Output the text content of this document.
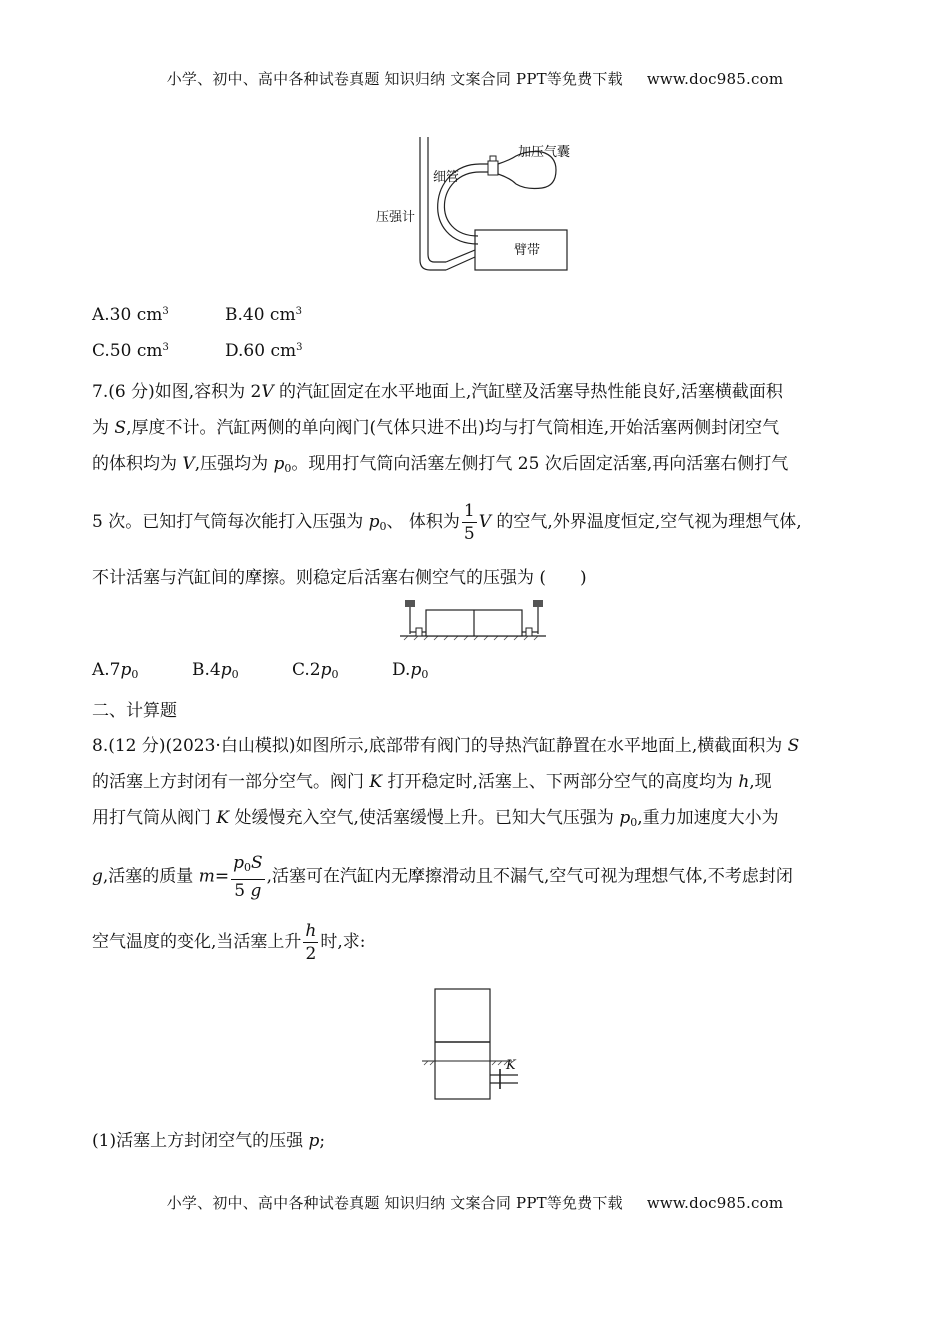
小学、初中、高中各种试卷真题 知识归纳 文案合同 PPT等免费下载 www.doc985.com
加压气囊
细管
压强计
臂带
A.30 $cm^3$	B.40 $cm^3$
C.50 $cm^3$	D.60 $cm^3$
7.(6 分)如图,容积为 2V 的汽缸固定在水平地面上,汽缸壁及活塞导热性能良好,活塞横截面积
为 S,厚度不计。汽缸两侧的单向阀门(气体只进不出)均与打气筒相连,开始活塞两侧封闭空气
的体积均为 V,压强均为 $p_0$。现用打气筒向活塞左侧打气 25 次后固定活塞,再向活塞右侧打气
5 次。已知打气筒每次能打入压强为 $p_0$、 体积为 $\frac{1}{5}$ V 的空气,外界温度恒定,空气视为理想气体,
不计活塞与汽缸间的摩擦。则稳定后活塞右侧空气的压强为 (　　)
$A.7p_0$	$B.4p_0$	$C.2p_0$	$D.p_0$
二、计算题
8.(12 分)(2023·白山模拟)如图所示,底部带有阀门的导热汽缸静置在水平地面上,横截面积为 S
的活塞上方封闭有一部分空气。阀门 K 打开稳定时,活塞上、下两部分空气的高度均为 h,现
用打气筒从阀门 K 处缓慢充入空气,使活塞缓慢上升。已知大气压强为 $p_0$,重力加速度大小为
g,活塞的质量 $m= \frac{p_0S}{5 g}$ ,活塞可在汽缸内无摩擦滑动且不漏气,空气可视为理想气体,不考虑封闭
空气温度的变化,当活塞上升 $\frac{h}{2}$ 时,求:
K
(1)活塞上方封闭空气的压强 p;
小学、初中、高中各种试卷真题 知识归纳 文案合同 PPT等免费下载 www.doc985.com
